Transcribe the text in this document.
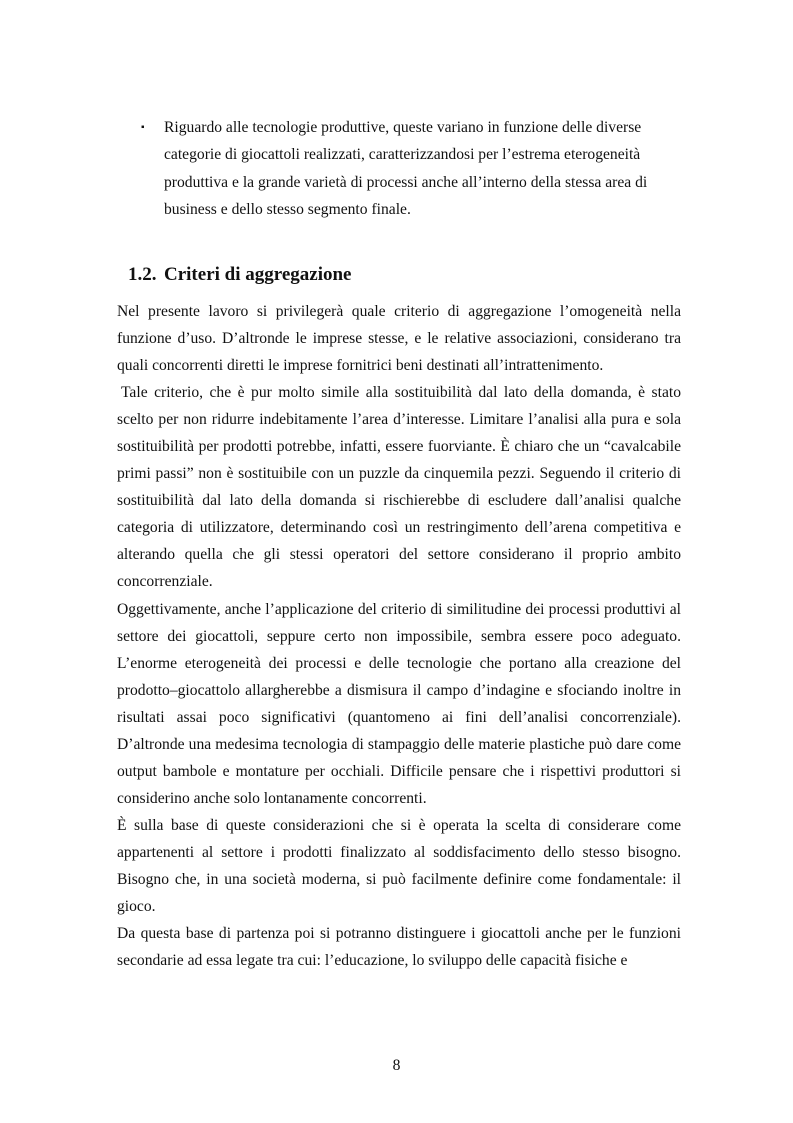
▪ Riguardo alle tecnologie produttive, queste variano in funzione delle diverse categorie di giocattoli realizzati, caratterizzandosi per l’estrema eterogeneità produttiva e la grande varietà di processi anche all’interno della stessa area di business e dello stesso segmento finale.
1.2. Criteri di aggregazione

Nel presente lavoro si privilegerà quale criterio di aggregazione l’omogeneità nella funzione d’uso. D’altronde le imprese stesse, e le relative associazioni, considerano tra quali concorrenti diretti le imprese fornitrici beni destinati all’intrattenimento.

Tale criterio, che è pur molto simile alla sostituibilità dal lato della domanda, è stato scelto per non ridurre indebitamente l’area d’interesse. Limitare l’analisi alla pura e sola sostituibilità per prodotti potrebbe, infatti, essere fuorviante. È chiaro che un “cavalcabile primi passi” non è sostituibile con un puzzle da cinquemila pezzi. Seguendo il criterio di sostituibilità dal lato della domanda si rischierebbe di escludere dall’analisi qualche categoria di utilizzatore, determinando così un restringimento dell’arena competitiva e alterando quella che gli stessi operatori del settore considerano il proprio ambito concorrenziale.

Oggettivamente, anche l’applicazione del criterio di similitudine dei processi produttivi al settore dei giocattoli, seppure certo non impossibile, sembra essere poco adeguato. L’enorme eterogeneità dei processi e delle tecnologie che portano alla creazione del prodotto–giocattolo allargherebbe a dismisura il campo d’indagine e sfociando inoltre in risultati assai poco significativi (quantomeno ai fini dell’analisi concorrenziale). D’altronde una medesima tecnologia di stampaggio delle materie plastiche può dare come output bambole e montature per occhiali. Difficile pensare che i rispettivi produttori si considerino anche solo lontanamente concorrenti.

È sulla base di queste considerazioni che si è operata la scelta di considerare come appartenenti al settore i prodotti finalizzato al soddisfacimento dello stesso bisogno. Bisogno che, in una società moderna, si può facilmente definire come fondamentale: il gioco.

Da questa base di partenza poi si potranno distinguere i giocattoli anche per le funzioni secondarie ad essa legate tra cui: l’educazione, lo sviluppo delle capacità fisiche e

8
